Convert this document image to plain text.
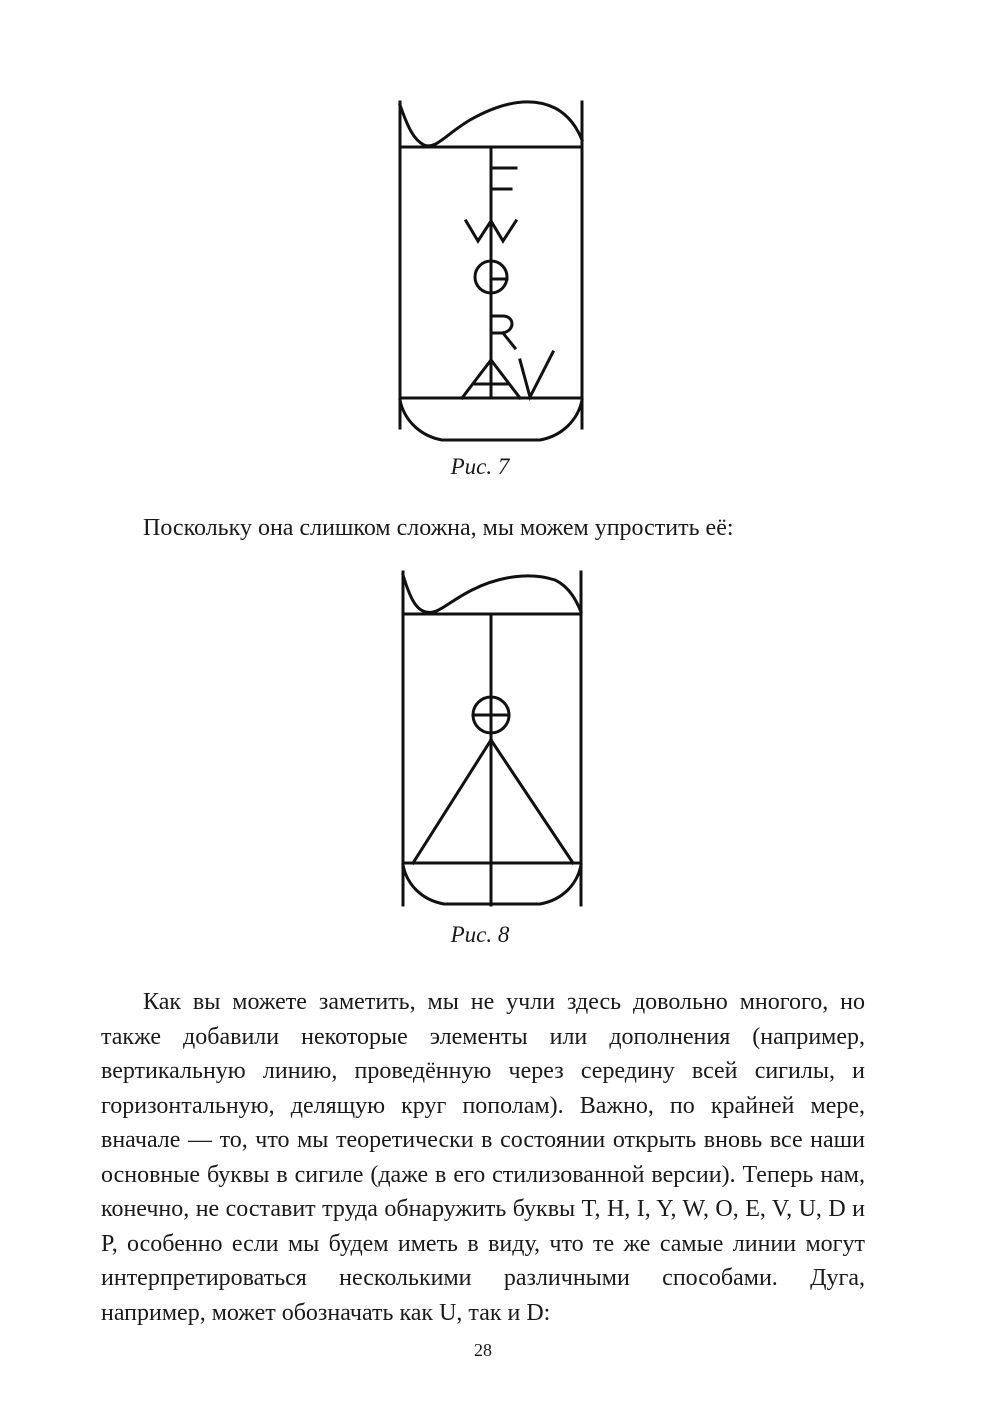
Рис. 7
Поскольку она слишком сложна, мы можем упростить её:
Рис. 8

Как вы можете заметить, мы не учли здесь довольно многого, но также добавили некоторые элементы или дополнения (например, вертикальную линию, проведённую через середину всей сигилы, и горизонтальную, делящую круг пополам). Важно, по крайней мере, вначале — то, что мы теоретически в состоянии открыть вновь все наши основные буквы в сигиле (даже в его стилизованной версии). Теперь нам, конечно, не составит труда обнаружить буквы T, H, I, Y, W, O, E, V, U, D и P, особенно если мы будем иметь в виду, что те же самые линии могут интерпретироваться несколькими различными способами. Дуга, например, может обозначать как U, так и D:

28
